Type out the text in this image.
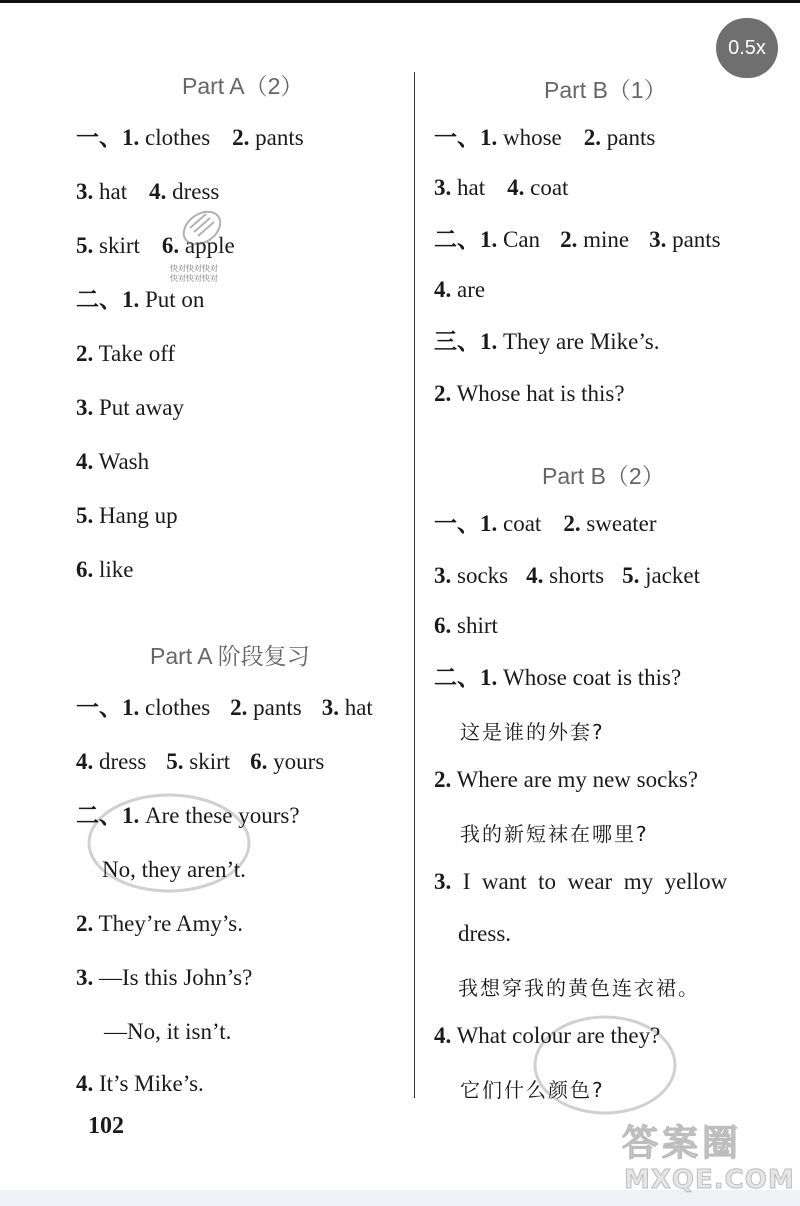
0.5x
Part A（2）
一、1. clothes 2. pants
3. hat 4. dress
5. skirt 6. apple
二、1. Put on
2. Take off
3. Put away
4. Wash
5. Hang up
6. like
快对快对快对
快对快对快对
Part A 阶段复习
一、1. clothes 2. pants 3. hat
4. dress 5. skirt 6. yours
二、1. Are these yours?
No, they aren’t.
2. They’re Amy’s.
3. —Is this John’s?
—No, it isn’t.
4. It’s Mike’s.
102
Part B（1）
一、1. whose 2. pants
3. hat 4. coat
二、1. Can 2. mine 3. pants
4. are
三、1. They are Mike’s.
2. Whose hat is this?
Part B（2）
一、1. coat 2. sweater
3. socks 4. shorts 5. jacket
6. shirt
二、1. Whose coat is this?
这是谁的外套?
2. Where are my new socks?
我的新短袜在哪里?
3.  I  want  to  wear  my  yellow
dress.
我想穿我的黄色连衣裙。
4. What colour are they?
它们什么颜色?
答案圈
MXQE.COM
